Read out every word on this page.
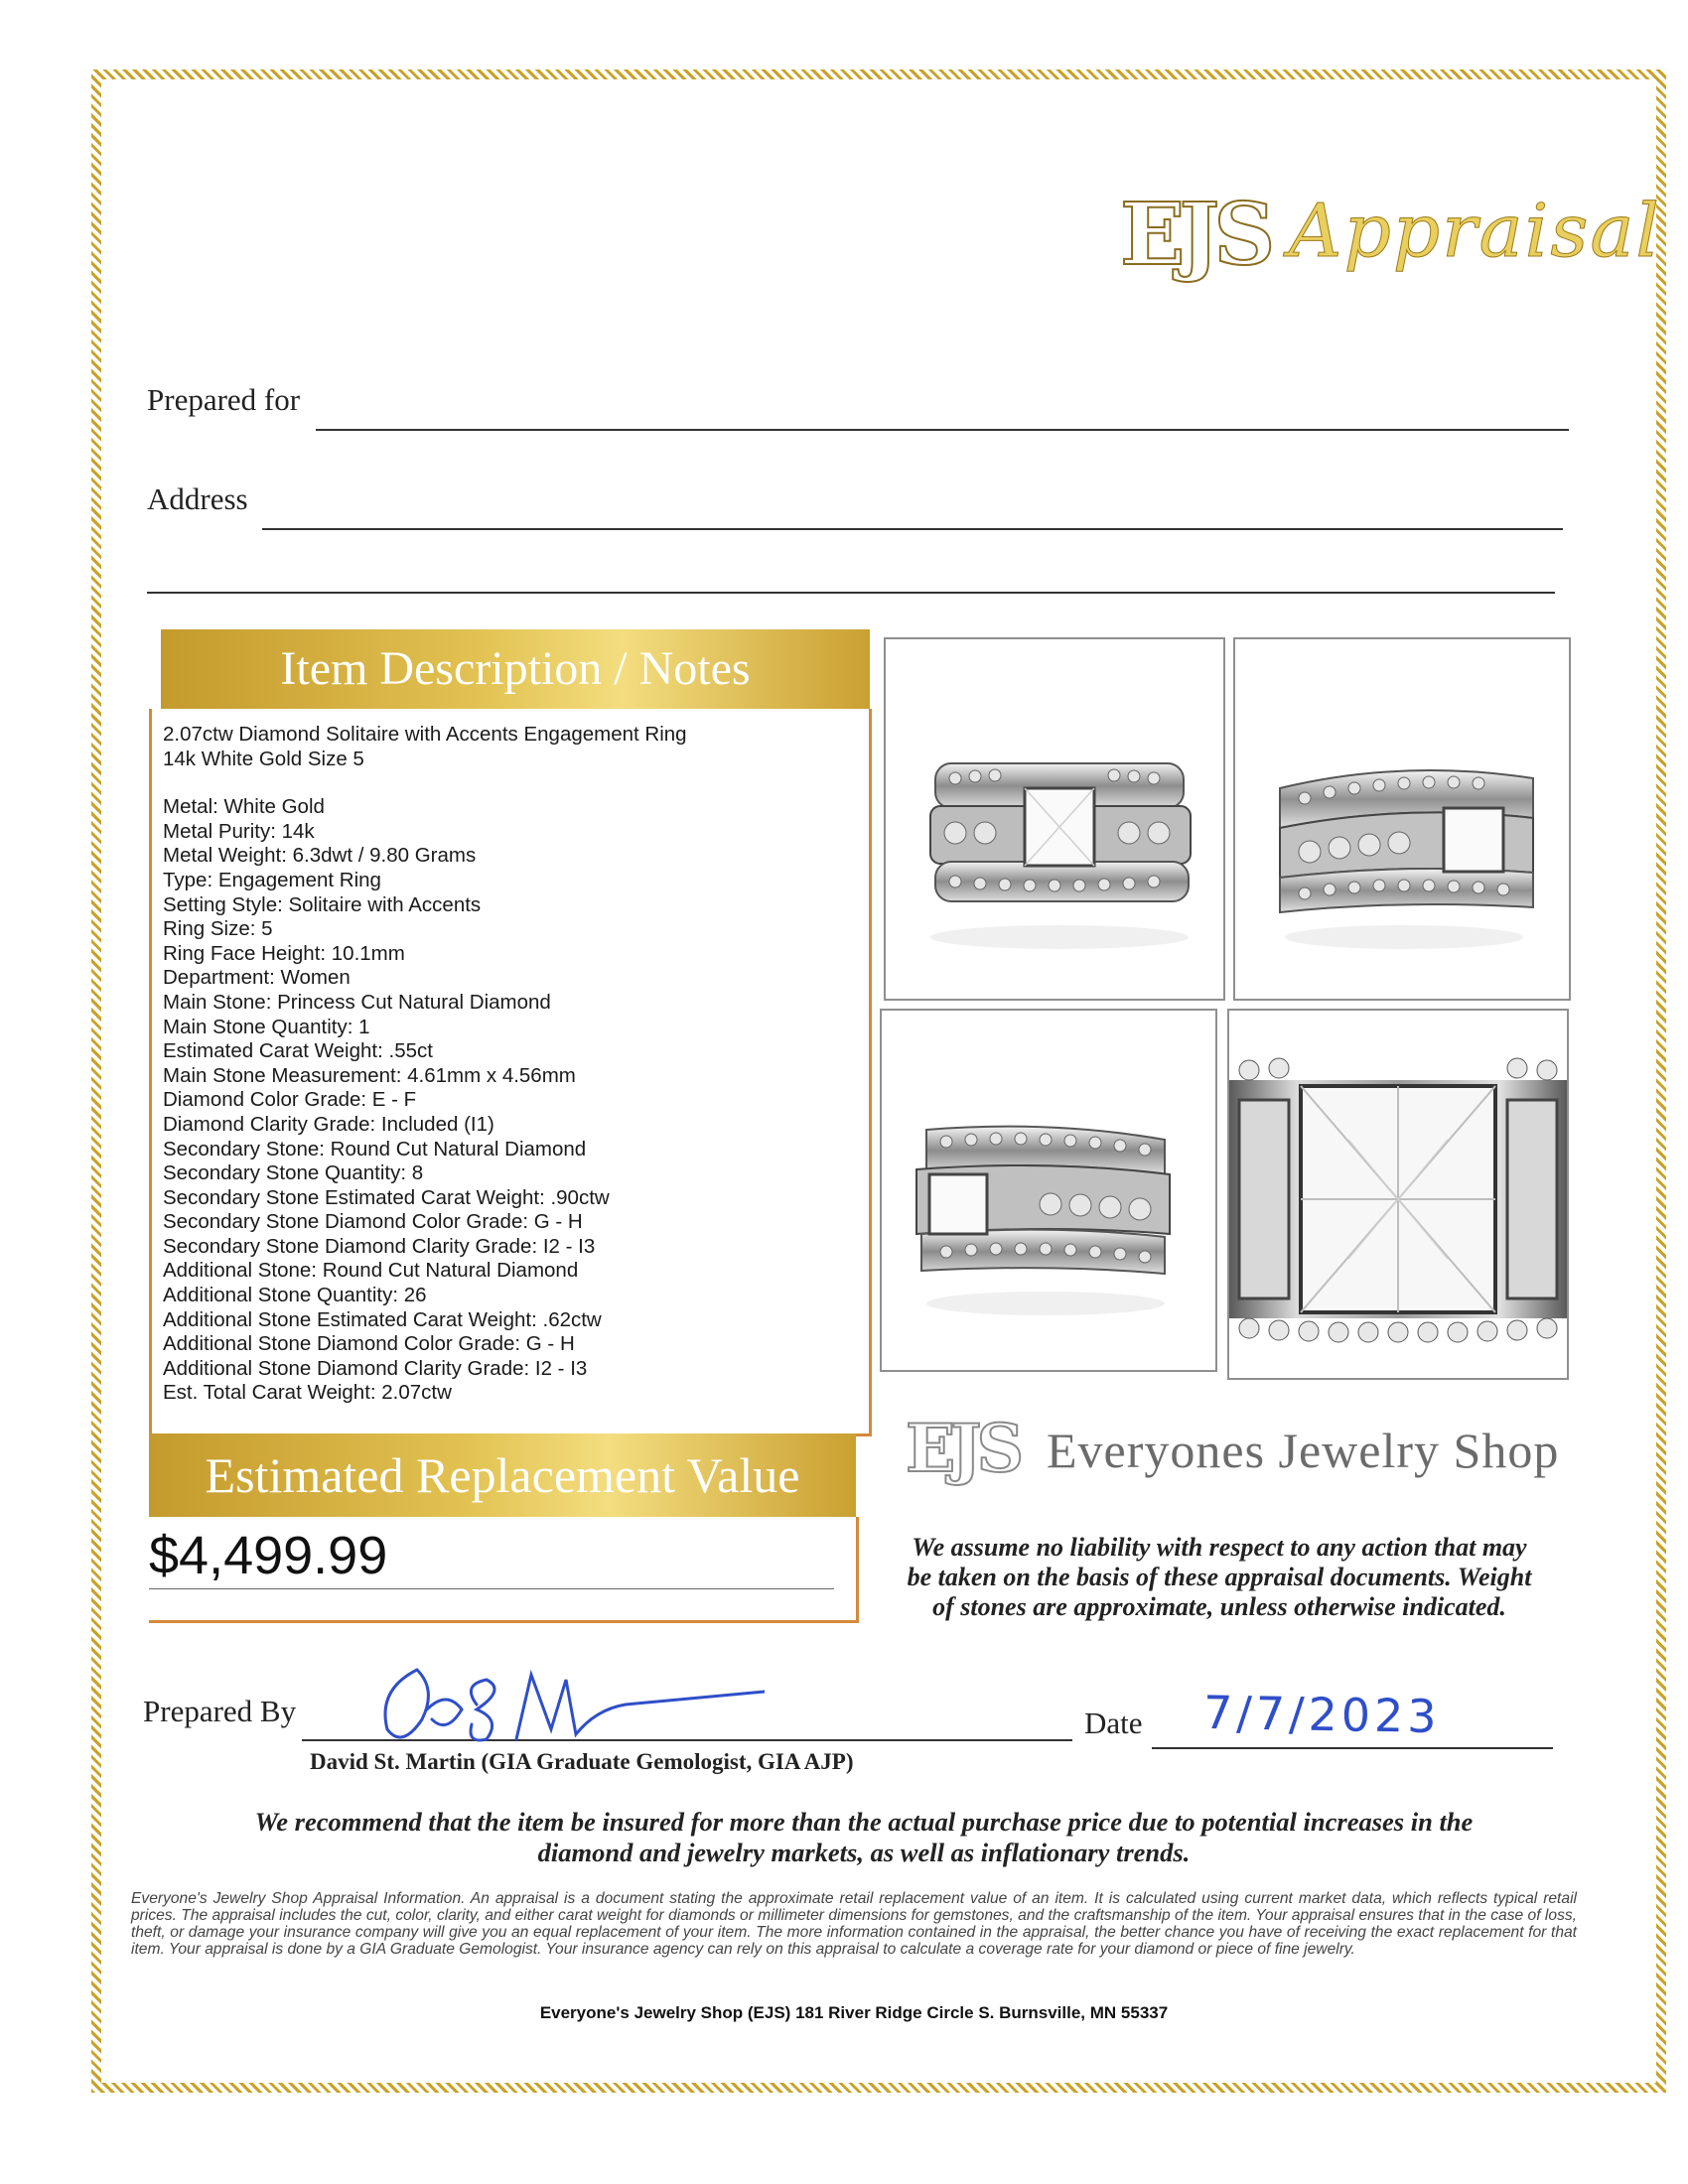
EJS Appraisal
Prepared for
Address
Item Description / Notes
2.07ctw Diamond Solitaire with Accents Engagement Ring
14k White Gold Size 5
Metal: White Gold
Metal Purity: 14k
Metal Weight: 6.3dwt / 9.80 Grams
Type: Engagement Ring
Setting Style: Solitaire with Accents
Ring Size: 5
Ring Face Height: 10.1mm
Department: Women
Main Stone: Princess Cut Natural Diamond
Main Stone Quantity: 1
Estimated Carat Weight: .55ct
Main Stone Measurement: 4.61mm x 4.56mm
Diamond Color Grade: E - F
Diamond Clarity Grade: Included (I1)
Secondary Stone: Round Cut Natural Diamond
Secondary Stone Quantity: 8
Secondary Stone Estimated Carat Weight: .90ctw
Secondary Stone Diamond Color Grade: G - H
Secondary Stone Diamond Clarity Grade: I2 - I3
Additional Stone: Round Cut Natural Diamond
Additional Stone Quantity: 26
Additional Stone Estimated Carat Weight: .62ctw
Additional Stone Diamond Color Grade: G - H
Additional Stone Diamond Clarity Grade: I2 - I3
Est. Total Carat Weight: 2.07ctw
Estimated Replacement Value
$4,499.99
EJS Everyones Jewelry Shop
We assume no liability with respect to any action that may
be taken on the basis of these appraisal documents. Weight
of stones are approximate, unless otherwise indicated.
Prepared By	Date 7/7/2023
David St. Martin (GIA Graduate Gemologist, GIA AJP)
We recommend that the item be insured for more than the actual purchase price due to potential increases in the
diamond and jewelry markets, as well as inflationary trends.
Everyone's Jewelry Shop Appraisal Information. An appraisal is a document stating the approximate retail replacement value of an item. It is calculated using current market data, which reflects typical retail prices. The appraisal includes the cut, color, clarity, and either carat weight for diamonds or millimeter dimensions for gemstones, and the craftsmanship of the item. Your appraisal ensures that in the case of loss, theft, or damage your insurance company will give you an equal replacement of your item. The more information contained in the appraisal, the better chance you have of receiving the exact replacement for that item. Your appraisal is done by a GIA Graduate Gemologist. Your insurance agency can rely on this appraisal to calculate a coverage rate for your diamond or piece of fine jewelry.
Everyone's Jewelry Shop (EJS) 181 River Ridge Circle S. Burnsville, MN 55337
